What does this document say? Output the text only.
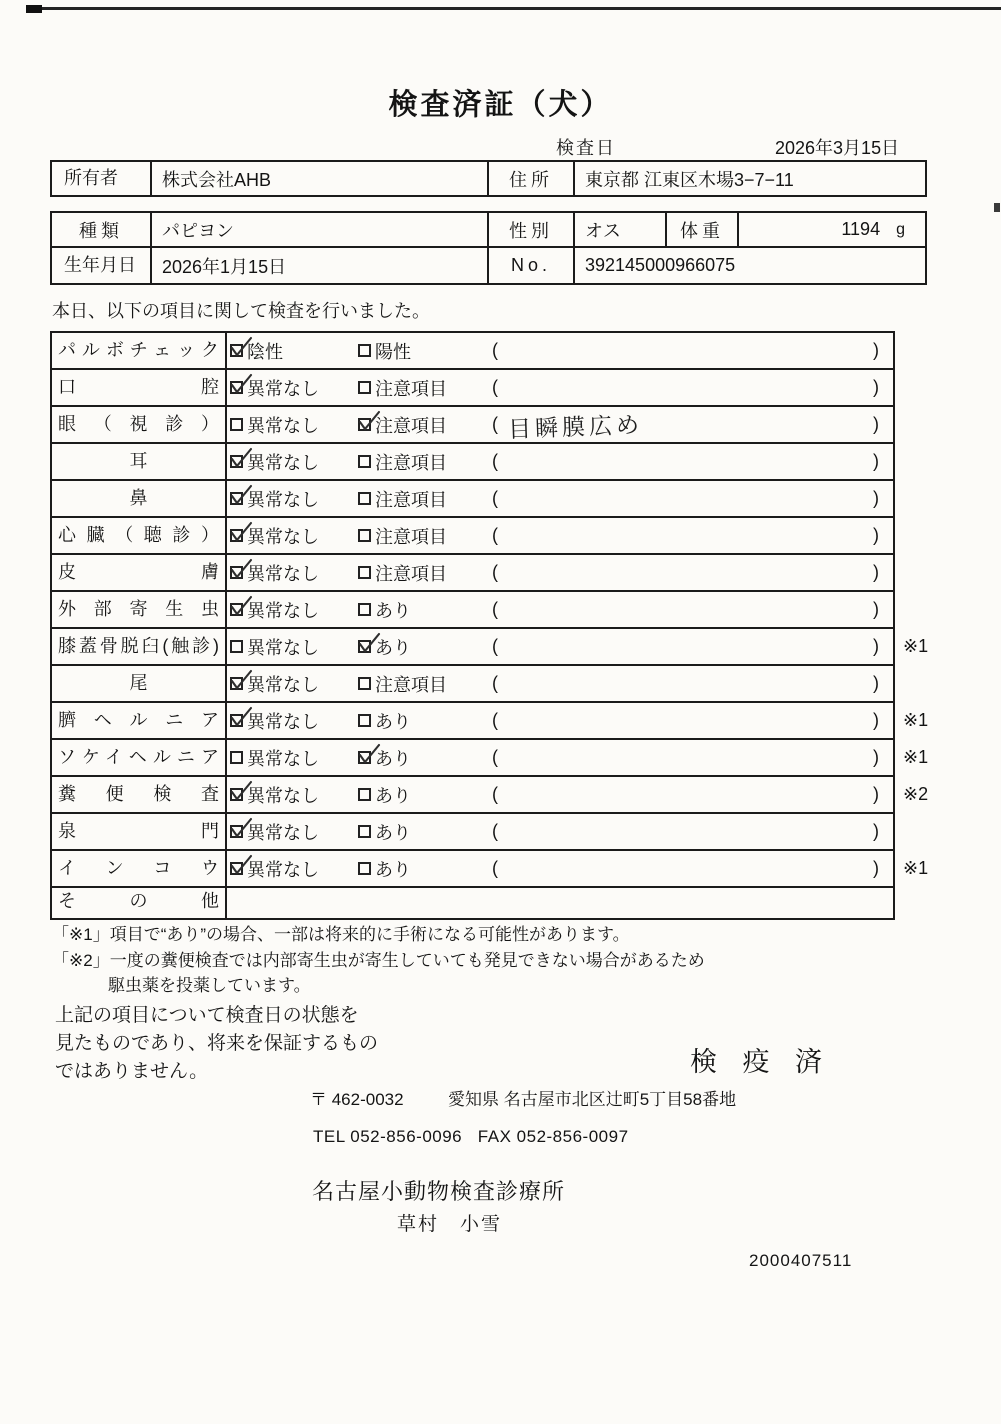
検査済証（犬）
検査日	2026年3月15日
所有者	株式会社AHB	住所	東京都 江東区木場3−7−11
種類	パピヨン	性別	オス	体重	1194 g
生年月日	2026年1月15日	No.	392145000966075
本日、以下の項目に関して検査を行いました。
パルボチェック	陰性	陽性	(	)
口腔	異常なし	注意項目	(	)
眼（視診）	異常なし	注意項目	( 目瞬膜広め	)
耳	異常なし	注意項目	(	)
鼻	異常なし	注意項目	(	)
心臓（聴診）	異常なし	注意項目	(	)
皮膚	異常なし	注意項目	(	)
外部寄生虫	異常なし	あり	(	)
膝蓋骨脱臼(触診)	異常なし	あり	(	) ※1
尾	異常なし	注意項目	(	)
臍ヘルニア	異常なし	あり	(	) ※1
ソケイヘルニア	異常なし	あり	(	) ※1
糞便検査	異常なし	あり	(	) ※2
泉門	異常なし	あり	(	)
インコウ	異常なし	あり	(	) ※1
その他
「※1」項目で“あり”の場合、一部は将来的に手術になる可能性があります。
「※2」一度の糞便検査では内部寄生虫が寄生していても発見できない場合があるため
駆虫薬を投薬しています。
上記の項目について検査日の状態を
見たものであり、将来を保証するもの
ではありません。	検 疫 済
〒 462-0032	愛知県 名古屋市北区辻町5丁目58番地
TEL 052-856-0096   FAX 052-856-0097
名古屋小動物検査診療所
草村　小雪
2000407511
